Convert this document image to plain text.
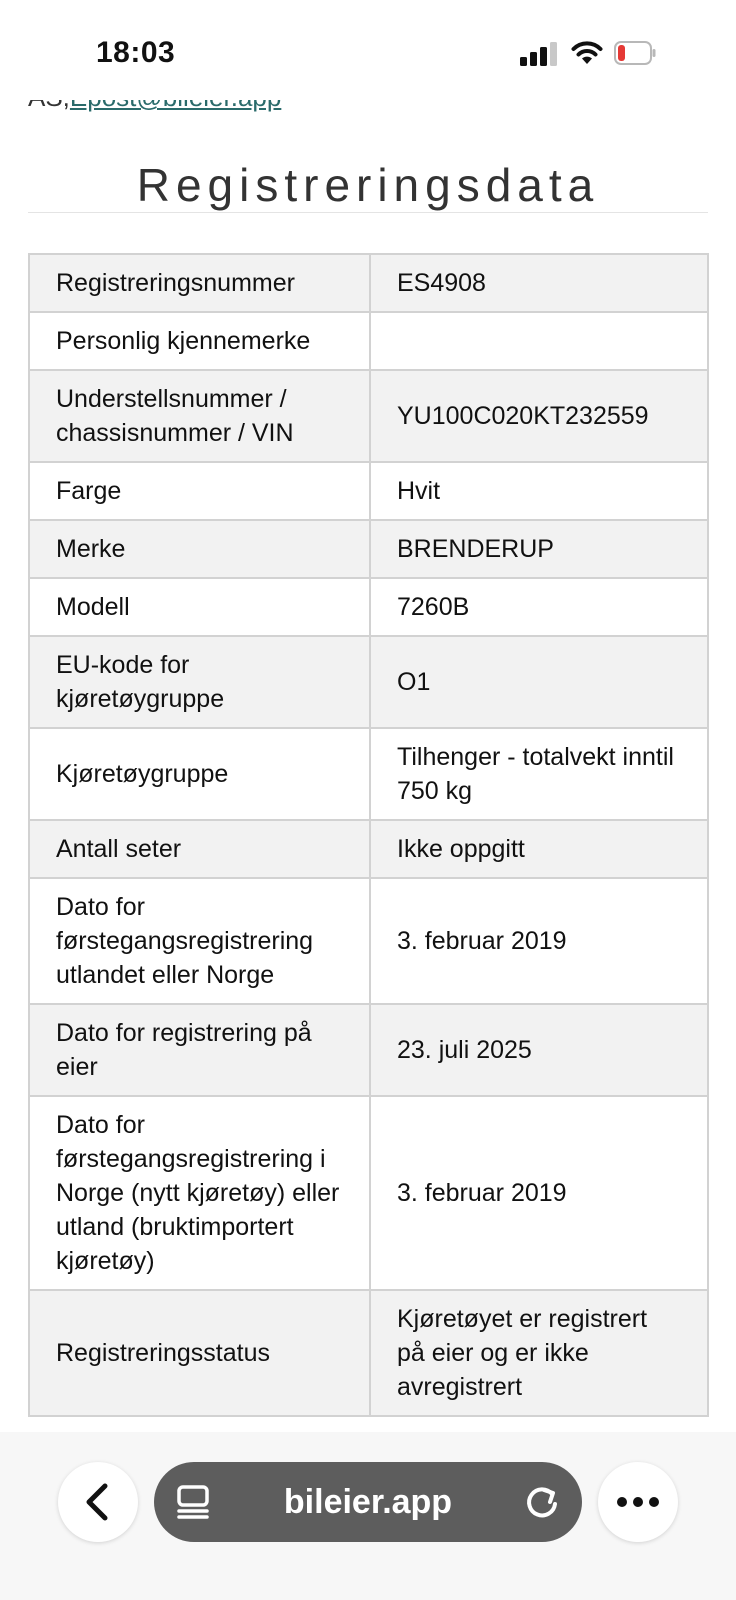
18:03
Registreringsdata
Registreringsnummer	ES4908
Personlig kjennemerke	
Understellsnummer / chassisnummer / VIN	YU100C020KT232559
Farge	Hvit
Merke	BRENDERUP
Modell	7260B
EU-kode for kjøretøygruppe	O1
Kjøretøygruppe	Tilhenger - totalvekt inntil 750 kg
Antall seter	Ikke oppgitt
Dato for førstegangsregistrering utlandet eller Norge	3. februar 2019
Dato for registrering på eier	23. juli 2025
Dato for førstegangsregistrering i Norge (nytt kjøretøy) eller utland (bruktimportert kjøretøy)	3. februar 2019
Registreringsstatus	Kjøretøyet er registrert på eier og er ikke avregistrert
bileier.app
